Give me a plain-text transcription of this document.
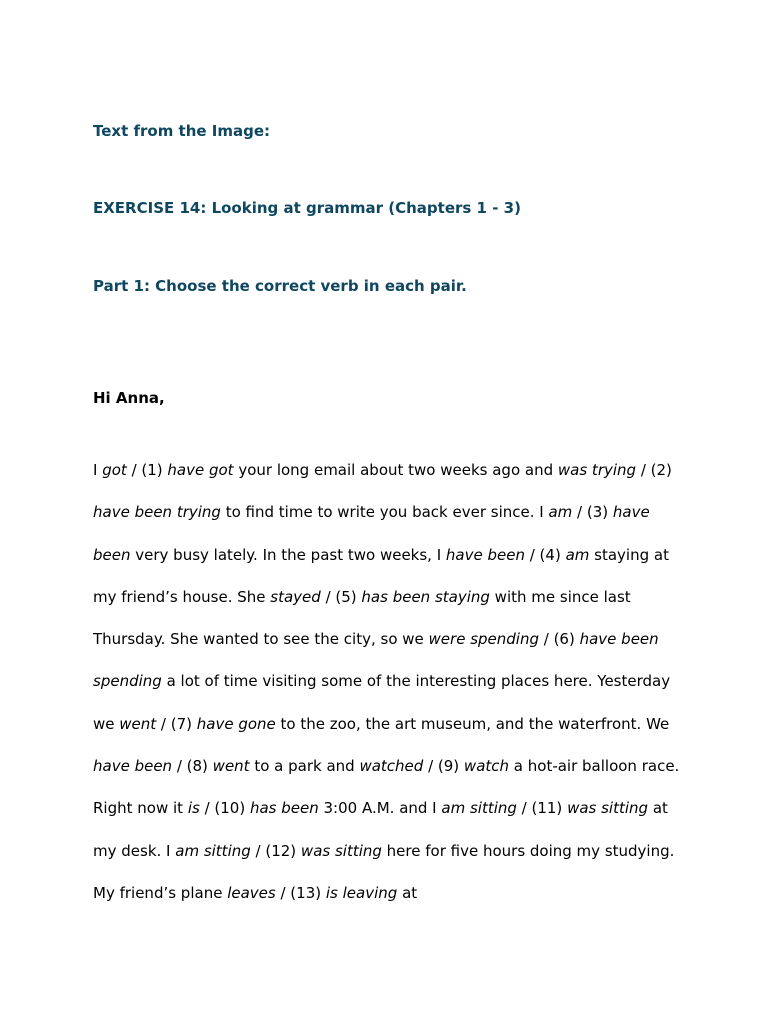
Text from the Image:

EXERCISE 14: Looking at grammar (Chapters 1 - 3)

Part 1: Choose the correct verb in each pair.

Hi Anna,

I got / (1) have got your long email about two weeks ago and was trying / (2) have been trying to find time to write you back ever since. I am / (3) have been very busy lately. In the past two weeks, I have been / (4) am staying at my friend’s house. She stayed / (5) has been staying with me since last Thursday. She wanted to see the city, so we were spending / (6) have been spending a lot of time visiting some of the interesting places here. Yesterday we went / (7) have gone to the zoo, the art museum, and the waterfront. We have been / (8) went to a park and watched / (9) watch a hot-air balloon race. Right now it is / (10) has been 3:00 A.M. and I am sitting / (11) was sitting at my desk. I am sitting / (12) was sitting here for five hours doing my studying. My friend’s plane leaves / (13) is leaving at
